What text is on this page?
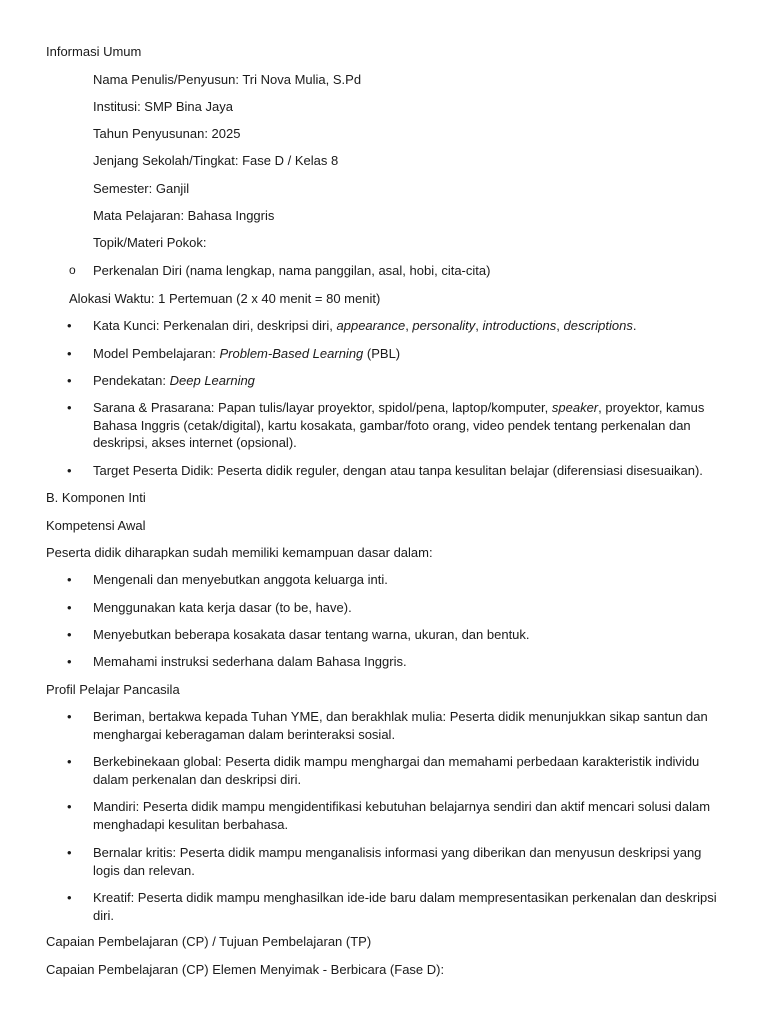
Informasi Umum
Nama Penulis/Penyusun: Tri Nova Mulia, S.Pd
Institusi: SMP Bina Jaya
Tahun Penyusunan: 2025
Jenjang Sekolah/Tingkat: Fase D / Kelas 8
Semester: Ganjil
Mata Pelajaran: Bahasa Inggris
Topik/Materi Pokok:
o Perkenalan Diri (nama lengkap, nama panggilan, asal, hobi, cita-cita)
Alokasi Waktu: 1 Pertemuan (2 x 40 menit = 80 menit)
• Kata Kunci: Perkenalan diri, deskripsi diri, appearance, personality, introductions, descriptions.
• Model Pembelajaran: Problem-Based Learning (PBL)
• Pendekatan: Deep Learning
• Sarana & Prasarana: Papan tulis/layar proyektor, spidol/pena, laptop/komputer, speaker, proyektor, kamus Bahasa Inggris (cetak/digital), kartu kosakata, gambar/foto orang, video pendek tentang perkenalan dan deskripsi, akses internet (opsional).
• Target Peserta Didik: Peserta didik reguler, dengan atau tanpa kesulitan belajar (diferensiasi disesuaikan).
B. Komponen Inti
Kompetensi Awal
Peserta didik diharapkan sudah memiliki kemampuan dasar dalam:
• Mengenali dan menyebutkan anggota keluarga inti.
• Menggunakan kata kerja dasar (to be, have).
• Menyebutkan beberapa kosakata dasar tentang warna, ukuran, dan bentuk.
• Memahami instruksi sederhana dalam Bahasa Inggris.
Profil Pelajar Pancasila
• Beriman, bertakwa kepada Tuhan YME, dan berakhlak mulia: Peserta didik menunjukkan sikap santun dan menghargai keberagaman dalam berinteraksi sosial.
• Berkebinekaan global: Peserta didik mampu menghargai dan memahami perbedaan karakteristik individu dalam perkenalan dan deskripsi diri.
• Mandiri: Peserta didik mampu mengidentifikasi kebutuhan belajarnya sendiri dan aktif mencari solusi dalam menghadapi kesulitan berbahasa.
• Bernalar kritis: Peserta didik mampu menganalisis informasi yang diberikan dan menyusun deskripsi yang logis dan relevan.
• Kreatif: Peserta didik mampu menghasilkan ide-ide baru dalam mempresentasikan perkenalan dan deskripsi diri.
Capaian Pembelajaran (CP) / Tujuan Pembelajaran (TP)
Capaian Pembelajaran (CP) Elemen Menyimak - Berbicara (Fase D):
